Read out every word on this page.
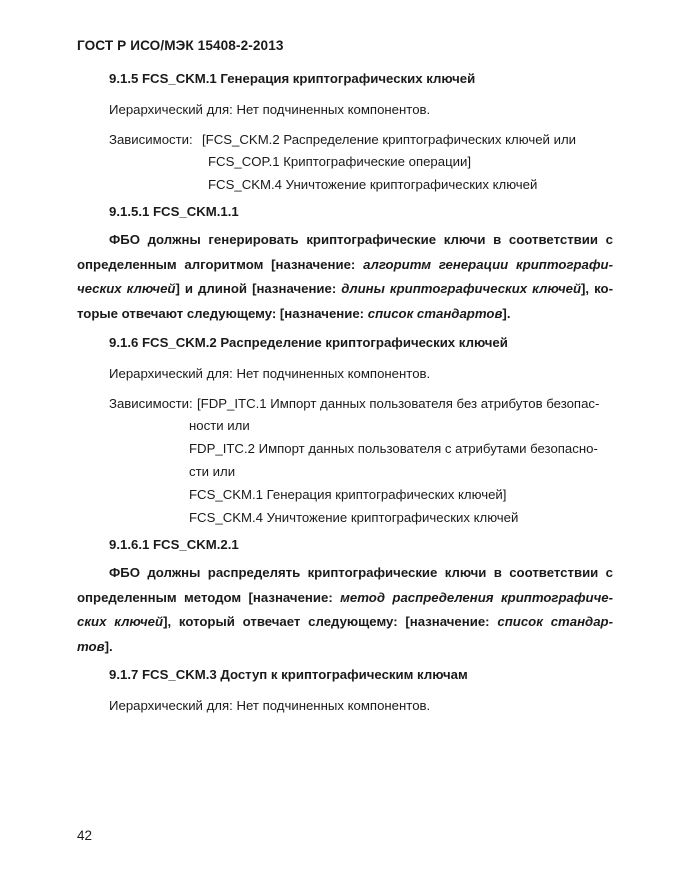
ГОСТ Р ИСО/МЭК 15408-2-2013
9.1.5 FCS_CKM.1 Генерация криптографических ключей
Иерархический для: Нет подчиненных компонентов.
Зависимости: [FCS_CKM.2 Распределение криптографических ключей или
FCS_COP.1 Криптографические операции]
FCS_CKM.4 Уничтожение криптографических ключей
9.1.5.1 FCS_CKM.1.1
ФБО должны генерировать криптографические ключи в соответствии с
определенным алгоритмом [назначение: алгоритм генерации криптографи-
ческих ключей] и длиной [назначение: длины криптографических ключей], ко-
торые отвечают следующему: [назначение: список стандартов].
9.1.6 FCS_CKM.2 Распределение криптографических ключей
Иерархический для: Нет подчиненных компонентов.
Зависимости: [FDP_ITC.1 Импорт данных пользователя без атрибутов безопас-
ности или
FDP_ITC.2 Импорт данных пользователя с атрибутами безопасно-
сти или
FCS_CKM.1 Генерация криптографических ключей]
FCS_CKM.4 Уничтожение криптографических ключей
9.1.6.1 FCS_CKM.2.1
ФБО должны распределять криптографические ключи в соответствии с
определенным методом [назначение: метод распределения криптографиче-
ских ключей], который отвечает следующему: [назначение: список стандар-
тов].
9.1.7 FCS_CKM.3 Доступ к криптографическим ключам
Иерархический для: Нет подчиненных компонентов.
42
